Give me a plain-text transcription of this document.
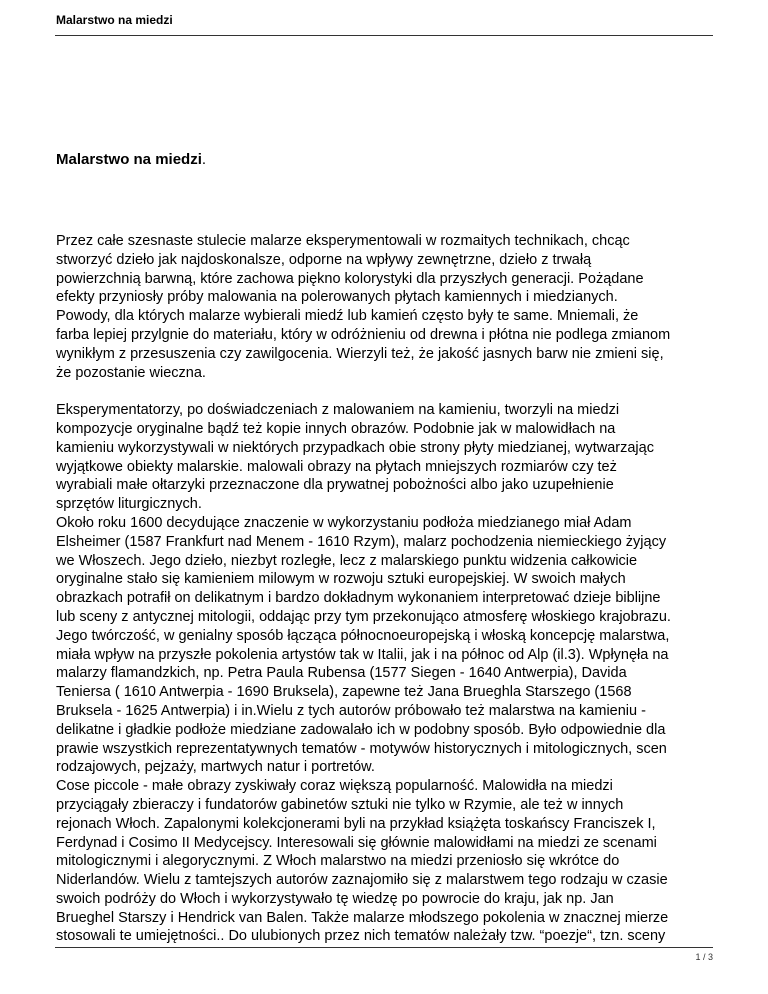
Malarstwo na miedzi
Malarstwo na miedzi.

Przez całe szesnaste stulecie malarze eksperymentowali w rozmaitych technikach, chcąc
stworzyć dzieło jak najdoskonalsze, odporne na wpływy zewnętrzne, dzieło z trwałą
powierzchnią barwną, które zachowa piękno kolorystyki dla przyszłych generacji. Pożądane
efekty przyniosły próby malowania na polerowanych płytach kamiennych i miedzianych.
Powody, dla których malarze wybierali miedź lub kamień często były te same. Mniemali, że
farba lepiej przylgnie do materiału, który w odróżnieniu od drewna i płótna nie podlega zmianom
wynikłym z przesuszenia czy zawilgocenia. Wierzyli też, że jakość jasnych barw nie zmieni się,
że pozostanie wieczna.

Eksperymentatorzy, po doświadczeniach z malowaniem na kamieniu, tworzyli na miedzi
kompozycje oryginalne bądź też kopie innych obrazów. Podobnie jak w malowidłach na
kamieniu wykorzystywali w niektórych przypadkach obie strony płyty miedzianej, wytwarzając
wyjątkowe obiekty malarskie. malowali obrazy na płytach mniejszych rozmiarów czy też
wyrabiali małe ołtarzyki przeznaczone dla prywatnej pobożności albo jako uzupełnienie
sprzętów liturgicznych.

Około roku 1600 decydujące znaczenie w wykorzystaniu podłoża miedzianego miał Adam
Elsheimer (1587 Frankfurt nad Menem - 1610 Rzym), malarz pochodzenia niemieckiego żyjący
we Włoszech. Jego dzieło, niezbyt rozległe, lecz z malarskiego punktu widzenia całkowicie
oryginalne stało się kamieniem milowym w rozwoju sztuki europejskiej. W swoich małych
obrazkach potrafił on delikatnym i bardzo dokładnym wykonaniem interpretować dzieje biblijne
lub sceny z antycznej mitologii, oddając przy tym przekonująco atmosferę włoskiego krajobrazu.
Jego twórczość, w genialny sposób łącząca północnoeuropejską i włoską koncepcję malarstwa,
miała wpływ na przyszłe pokolenia artystów tak w Italii, jak i na północ od Alp (il.3). Wpłynęła na
malarzy flamandzkich, np. Petra Paula Rubensa (1577 Siegen - 1640 Antwerpia), Davida
Teniersa ( 1610 Antwerpia - 1690 Bruksela), zapewne też Jana Brueghla Starszego (1568
Bruksela - 1625 Antwerpia) i in.Wielu z tych autorów próbowało też malarstwa na kamieniu -
delikatne i gładkie podłoże miedziane zadowalało ich w podobny sposób. Było odpowiednie dla
prawie wszystkich reprezentatywnych tematów - motywów historycznych i mitologicznych, scen
rodzajowych, pejzaży, martwych natur i portretów.

Cose piccole - małe obrazy zyskiwały coraz większą popularność. Malowidła na miedzi
przyciągały zbieraczy i fundatorów gabinetów sztuki nie tylko w Rzymie, ale też w innych
rejonach Włoch. Zapalonymi kolekcjonerami byli na przykład książęta toskańscy Franciszek I,
Ferdynad i Cosimo II Medycejscy. Interesowali się głównie malowidłami na miedzi ze scenami
mitologicznymi i alegorycznymi. Z Włoch malarstwo na miedzi przeniosło się wkrótce do
Niderlandów. Wielu z tamtejszych autorów zaznajomiło się z malarstwem tego rodzaju w czasie
swoich podróży do Włoch i wykorzystywało tę wiedzę po powrocie do kraju, jak np. Jan
Brueghel Starszy i Hendrick van Balen. Także malarze młodszego pokolenia w znacznej mierze
stosowali te umiejętności.. Do ulubionych przez nich tematów należały tzw. “poezje“, tzn. sceny

1 / 3
